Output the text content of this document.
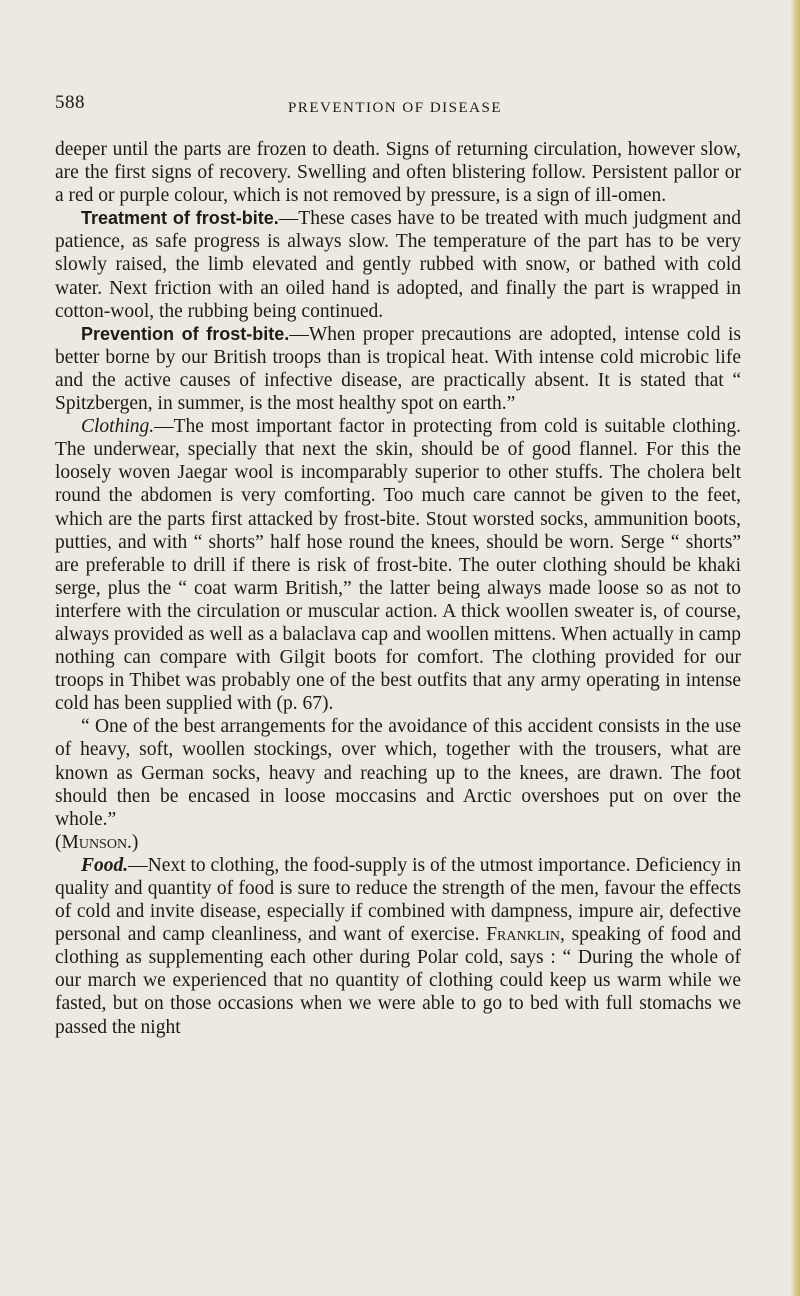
588	PREVENTION OF DISEASE

deeper until the parts are frozen to death. Signs of returning circulation, however slow, are the first signs of recovery. Swelling and often blistering follow. Persistent pallor or a red or purple colour, which is not removed by pressure, is a sign of ill-omen.

Treatment of frost-bite.—These cases have to be treated with much judgment and patience, as safe progress is always slow. The temperature of the part has to be very slowly raised, the limb elevated and gently rubbed with snow, or bathed with cold water. Next friction with an oiled hand is adopted, and finally the part is wrapped in cotton-wool, the rubbing being continued.

Prevention of frost-bite.—When proper precautions are adopted, intense cold is better borne by our British troops than is tropical heat. With intense cold microbic life and the active causes of infective disease, are practically absent. It is stated that “ Spitzbergen, in summer, is the most healthy spot on earth.”

Clothing.—The most important factor in protecting from cold is suitable clothing. The underwear, specially that next the skin, should be of good flannel. For this the loosely woven Jaegar wool is incomparably superior to other stuffs. The cholera belt round the abdomen is very comforting. Too much care cannot be given to the feet, which are the parts first attacked by frost-bite. Stout worsted socks, ammunition boots, putties, and with “ shorts” half hose round the knees, should be worn. Serge “ shorts” are preferable to drill if there is risk of frost-bite. The outer clothing should be khaki serge, plus the “ coat warm British,” the latter being always made loose so as not to interfere with the circulation or muscular action. A thick woollen sweater is, of course, always provided as well as a balaclava cap and woollen mittens. When actually in camp nothing can compare with Gilgit boots for comfort. The clothing provided for our troops in Thibet was probably one of the best outfits that any army operating in intense cold has been supplied with (p. 67).

“ One of the best arrangements for the avoidance of this accident consists in the use of heavy, soft, woollen stockings, over which, together with the trousers, what are known as German socks, heavy and reaching up to the knees, are drawn. The foot should then be encased in loose moccasins and Arctic overshoes put on over the whole.”
(Munson.)

Food.—Next to clothing, the food-supply is of the utmost importance. Deficiency in quality and quantity of food is sure to reduce the strength of the men, favour the effects of cold and invite disease, especially if combined with dampness, impure air, defective personal and camp cleanliness, and want of exercise. Franklin, speaking of food and clothing as supplementing each other during Polar cold, says : “ During the whole of our march we experienced that no quantity of clothing could keep us warm while we fasted, but on those occasions when we were able to go to bed with full stomachs we passed the night
